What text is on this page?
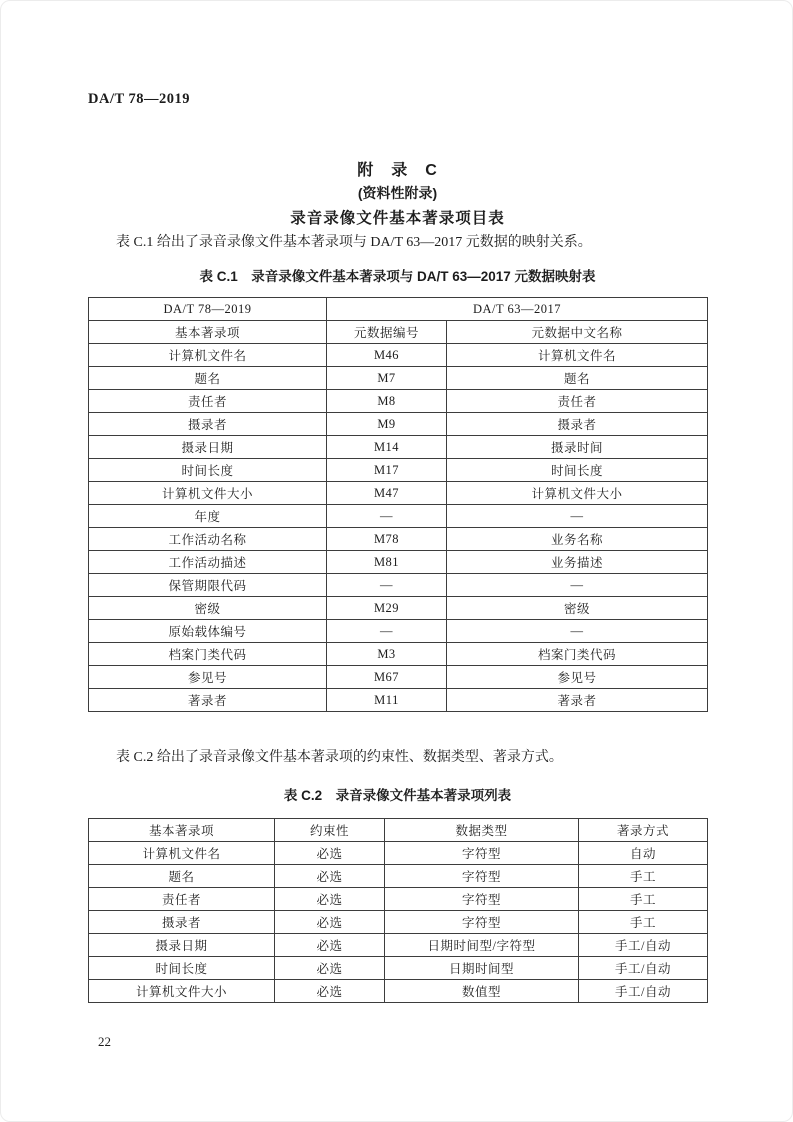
DA/T 78—2019
附　录　C
(资料性附录)
录音录像文件基本著录项目表
表 C.1 给出了录音录像文件基本著录项与 DA/T 63—2017 元数据的映射关系。
表 C.1　录音录像文件基本著录项与 DA/T 63—2017 元数据映射表
DA/T 78—2019	DA/T 63—2017	
基本著录项	元数据编号	元数据中文名称
计算机文件名	M46	计算机文件名
题名	M7	题名
责任者	M8	责任者
摄录者	M9	摄录者
摄录日期	M14	摄录时间
时间长度	M17	时间长度
计算机文件大小	M47	计算机文件大小
年度	—	—
工作活动名称	M78	业务名称
工作活动描述	M81	业务描述
保管期限代码	—	—
密级	M29	密级
原始载体编号	—	—
档案门类代码	M3	档案门类代码
参见号	M67	参见号
著录者	M11	著录者
表 C.2 给出了录音录像文件基本著录项的约束性、数据类型、著录方式。
表 C.2　录音录像文件基本著录项列表
基本著录项	约束性	数据类型	著录方式
计算机文件名	必选	字符型	自动
题名	必选	字符型	手工
责任者	必选	字符型	手工
摄录者	必选	字符型	手工
摄录日期	必选	日期时间型/字符型	手工/自动
时间长度	必选	日期时间型	手工/自动
计算机文件大小	必选	数值型	手工/自动
22
